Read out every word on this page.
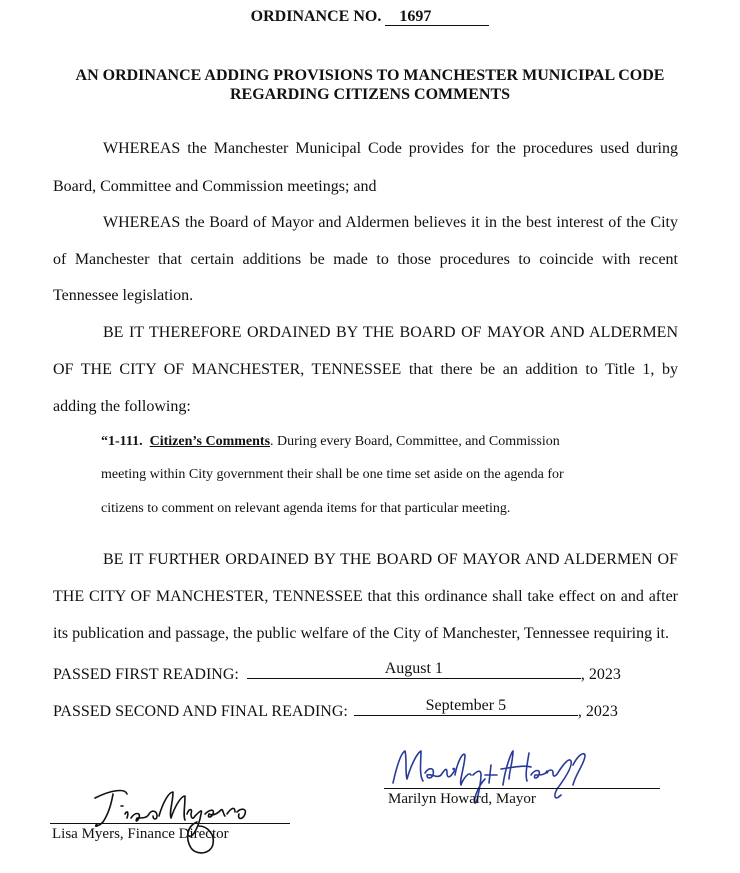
ORDINANCE NO. 1697
AN ORDINANCE ADDING PROVISIONS TO MANCHESTER MUNICIPAL CODE
REGARDING CITIZENS COMMENTS
WHEREAS the Manchester Municipal Code provides for the procedures used during
Board, Committee and Commission meetings; and
WHEREAS the Board of Mayor and Aldermen believes it in the best interest of the City
of Manchester that certain additions be made to those procedures to coincide with recent
Tennessee legislation.
BE IT THEREFORE ORDAINED BY THE BOARD OF MAYOR AND ALDERMEN
OF THE CITY OF MANCHESTER, TENNESSEE that there be an addition to Title 1, by
adding the following:
“1-111. Citizen’s Comments. During every Board, Committee, and Commission
meeting within City government their shall be one time set aside on the agenda for
citizens to comment on relevant agenda items for that particular meeting.
BE IT FURTHER ORDAINED BY THE BOARD OF MAYOR AND ALDERMEN OF
THE CITY OF MANCHESTER, TENNESSEE that this ordinance shall take effect on and after
its publication and passage, the public welfare of the City of Manchester, Tennessee requiring it.
PASSED FIRST READING:	August 1	, 2023
PASSED SECOND AND FINAL READING:	September 5	, 2023
Marilyn Howard, Mayor
Lisa Myers, Finance Director
